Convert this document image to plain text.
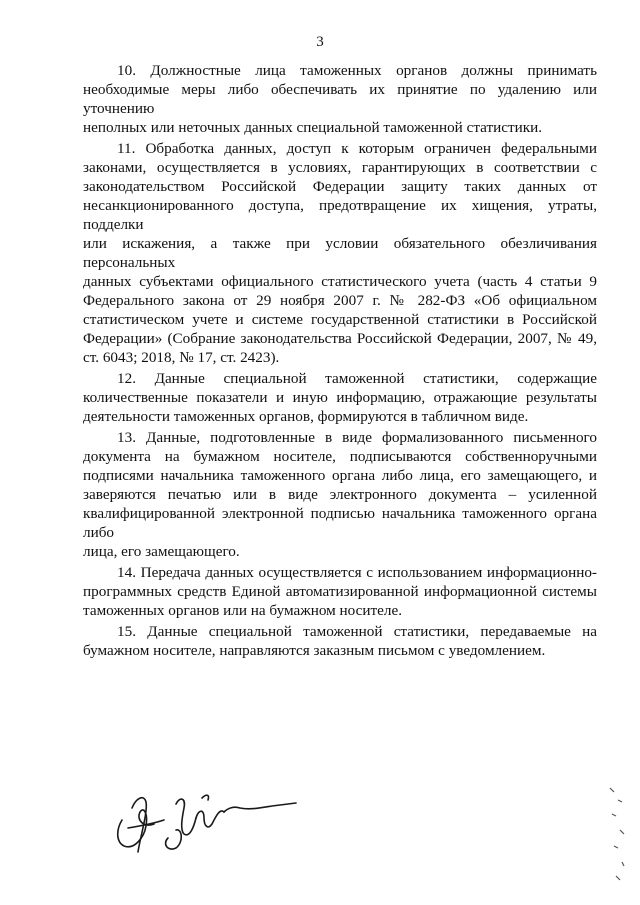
3
10. Должностные лица таможенных органов должны принимать
необходимые меры либо обеспечивать их принятие по удалению или уточнению
неполных или неточных данных специальной таможенной статистики.
11. Обработка данных, доступ к которым ограничен федеральными
законами, осуществляется в условиях, гарантирующих в соответствии с
законодательством Российской Федерации защиту таких данных от
несанкционированного доступа, предотвращение их хищения, утраты, подделки
или искажения, а также при условии обязательного обезличивания персональных
данных субъектами официального статистического учета (часть 4 статьи 9
Федерального закона от 29 ноября 2007 г. № 282-ФЗ «Об официальном
статистическом учете и системе государственной статистики в Российской
Федерации» (Собрание законодательства Российской Федерации, 2007, № 49,
ст. 6043; 2018, № 17, ст. 2423).
12. Данные специальной таможенной статистики, содержащие
количественные показатели и иную информацию, отражающие результаты
деятельности таможенных органов, формируются в табличном виде.
13. Данные, подготовленные в виде формализованного письменного
документа на бумажном носителе, подписываются собственноручными
подписями начальника таможенного органа либо лица, его замещающего, и
заверяются печатью или в виде электронного документа – усиленной
квалифицированной электронной подписью начальника таможенного органа либо
лица, его замещающего.
14. Передача данных осуществляется с использованием информационно-
программных средств Единой автоматизированной информационной системы
таможенных органов или на бумажном носителе.
15. Данные специальной таможенной статистики, передаваемые на
бумажном носителе, направляются заказным письмом с уведомлением.
